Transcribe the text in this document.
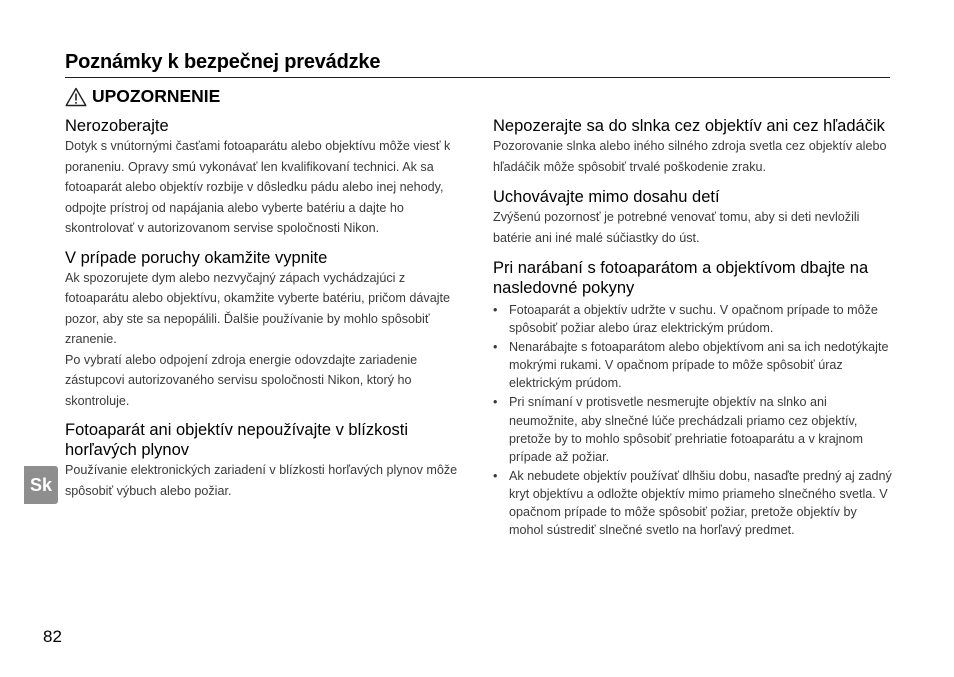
Poznámky k bezpečnej prevádzke
UPOZORNENIE
Nerozoberajte

Dotyk s vnútornými časťami fotoaparátu alebo objektívu môže viesť k poraneniu. Opravy smú vykonávať len kvalifikovaní technici. Ak sa fotoaparát alebo objektív rozbije v dôsledku pádu alebo inej nehody, odpojte prístroj od napájania alebo vyberte batériu a dajte ho skontrolovať v autorizovanom servise spoločnosti Nikon.

V prípade poruchy okamžite vypnite

Ak spozorujete dym alebo nezvyčajný zápach vychádzajúci z fotoaparátu alebo objektívu, okamžite vyberte batériu, pričom dávajte pozor, aby ste sa nepopálili. Ďalšie používanie by mohlo spôsobiť zranenie.

Po vybratí alebo odpojení zdroja energie odovzdajte zariadenie zástupcovi autorizovaného servisu spoločnosti Nikon, ktorý ho skontroluje.

Fotoaparát ani objektív nepoužívajte v blízkosti horľavých plynov

Používanie elektronických zariadení v blízkosti horľavých plynov môže spôsobiť výbuch alebo požiar.

Nepozerajte sa do slnka cez objektív ani cez hľadáčik

Pozorovanie slnka alebo iného silného zdroja svetla cez objektív alebo hľadáčik môže spôsobiť trvalé poškodenie zraku.

Uchovávajte mimo dosahu detí

Zvýšenú pozornosť je potrebné venovať tomu, aby si deti nevložili batérie ani iné malé súčiastky do úst.

Pri narábaní s fotoaparátom a objektívom dbajte na nasledovné pokyny
• Fotoaparát a objektív udržte v suchu. V opačnom prípade to môže spôsobiť požiar alebo úraz elektrickým prúdom.
• Nenarábajte s fotoaparátom alebo objektívom ani sa ich nedotýkajte mokrými rukami. V opačnom prípade to môže spôsobiť úraz elektrickým prúdom.
• Pri snímaní v protisvetle nesmerujte objektív na slnko ani neumožnite, aby slnečné lúče prechádzali priamo cez objektív, pretože by to mohlo spôsobiť prehriatie fotoaparátu a v krajnom prípade až požiar.
• Ak nebudete objektív používať dlhšiu dobu, nasaďte predný aj zadný kryt objektívu a odložte objektív mimo priameho slnečného svetla. V opačnom prípade to môže spôsobiť požiar, pretože objektív by mohol sústrediť slnečné svetlo na horľavý predmet.
Sk
82
